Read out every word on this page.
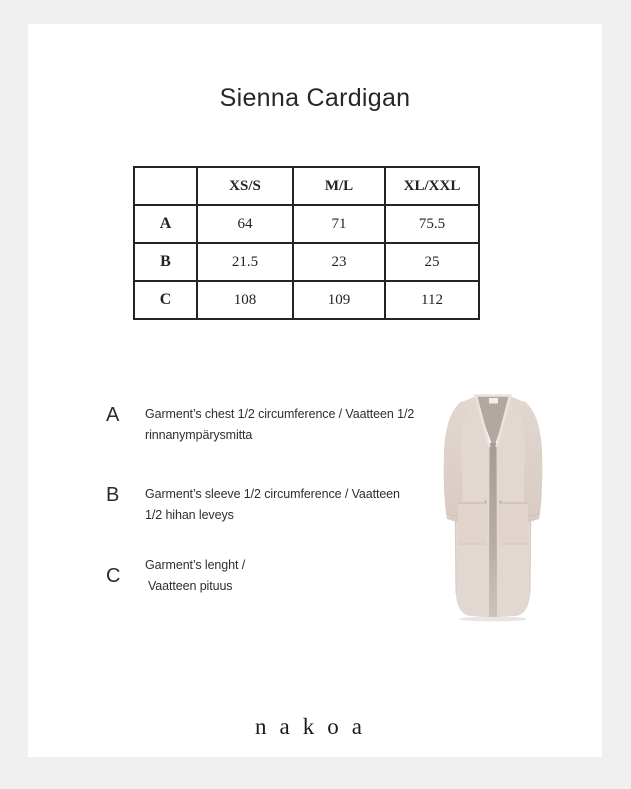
Sienna Cardigan
	XS/S	M/L	XL/XXL
A	64	71	75.5
B	21.5	23	25
C	108	109	112
A	Garment’s chest 1/2 circumference / Vaatteen 1/2
rinnanympärysmitta
B	Garment’s sleeve 1/2 circumference / Vaatteen
1/2 hihan leveys
C	Garment’s lenght /
Vaatteen pituus
nakoa
